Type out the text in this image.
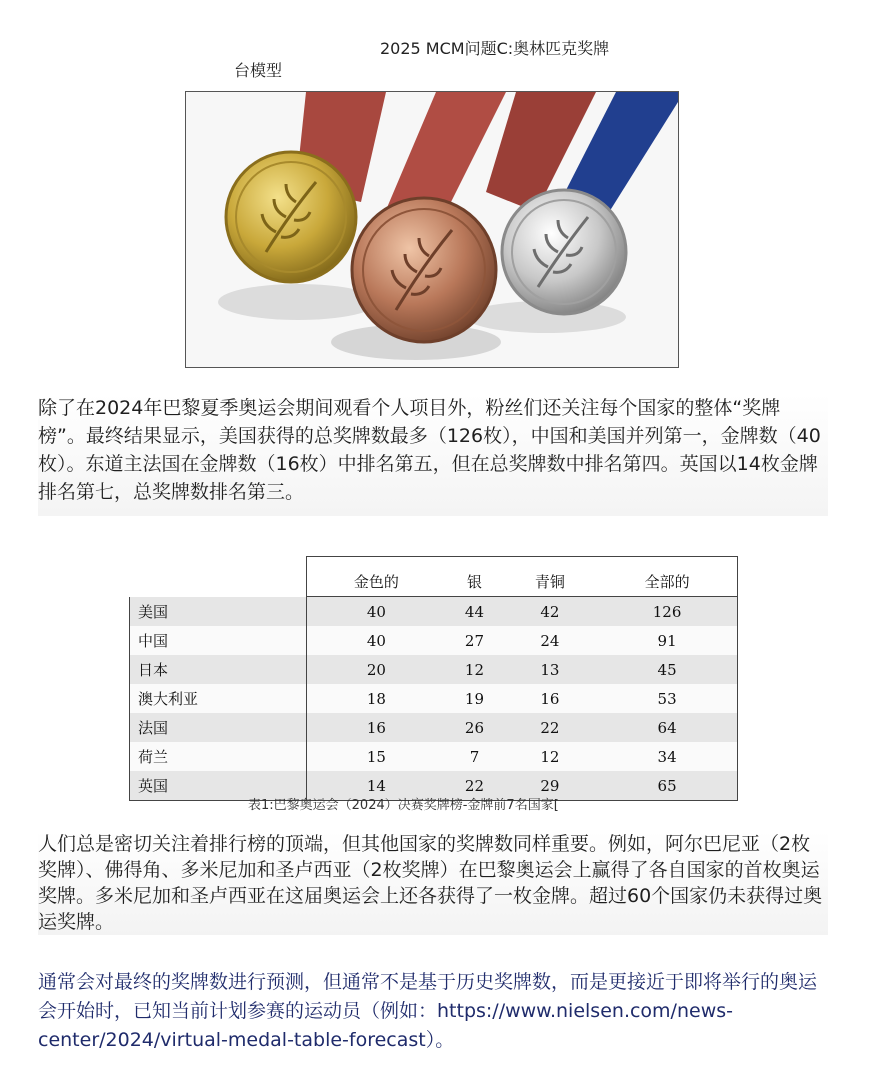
2025 MCM问题C:奥林匹克奖牌
台模型
除了在2024年巴黎夏季奥运会期间观看个人项目外，粉丝们还关注每个国家的整体“奖牌榜”。最终结果显示，美国获得的总奖牌数最多（126枚），中国和美国并列第一，金牌数（40枚）。东道主法国在金牌数（16枚）中排名第五，但在总奖牌数中排名第四。英国以14枚金牌排名第七，总奖牌数排名第三。
	金色的	银	青铜	全部的
美国	40	44	42	126
中国	40	27	24	91
日本	20	12	13	45
澳大利亚	18	19	16	53
法国	16	26	22	64
荷兰	15	7	12	34
英国	14	22	29	65
表1:巴黎奥运会（2024）决赛奖牌榜-金牌前7名国家[
人们总是密切关注着排行榜的顶端，但其他国家的奖牌数同样重要。例如，阿尔巴尼亚（2枚奖牌）、佛得角、多米尼加和圣卢西亚（2枚奖牌）在巴黎奥运会上赢得了各自国家的首枚奥运奖牌。多米尼加和圣卢西亚在这届奥运会上还各获得了一枚金牌。超过60个国家仍未获得过奥运奖牌。
通常会对最终的奖牌数进行预测，但通常不是基于历史奖牌数，而是更接近于即将举行的奥运会开始时，已知当前计划参赛的运动员（例如：https://www.nielsen.com/news-center/2024/virtual-medal-table-forecast）。
